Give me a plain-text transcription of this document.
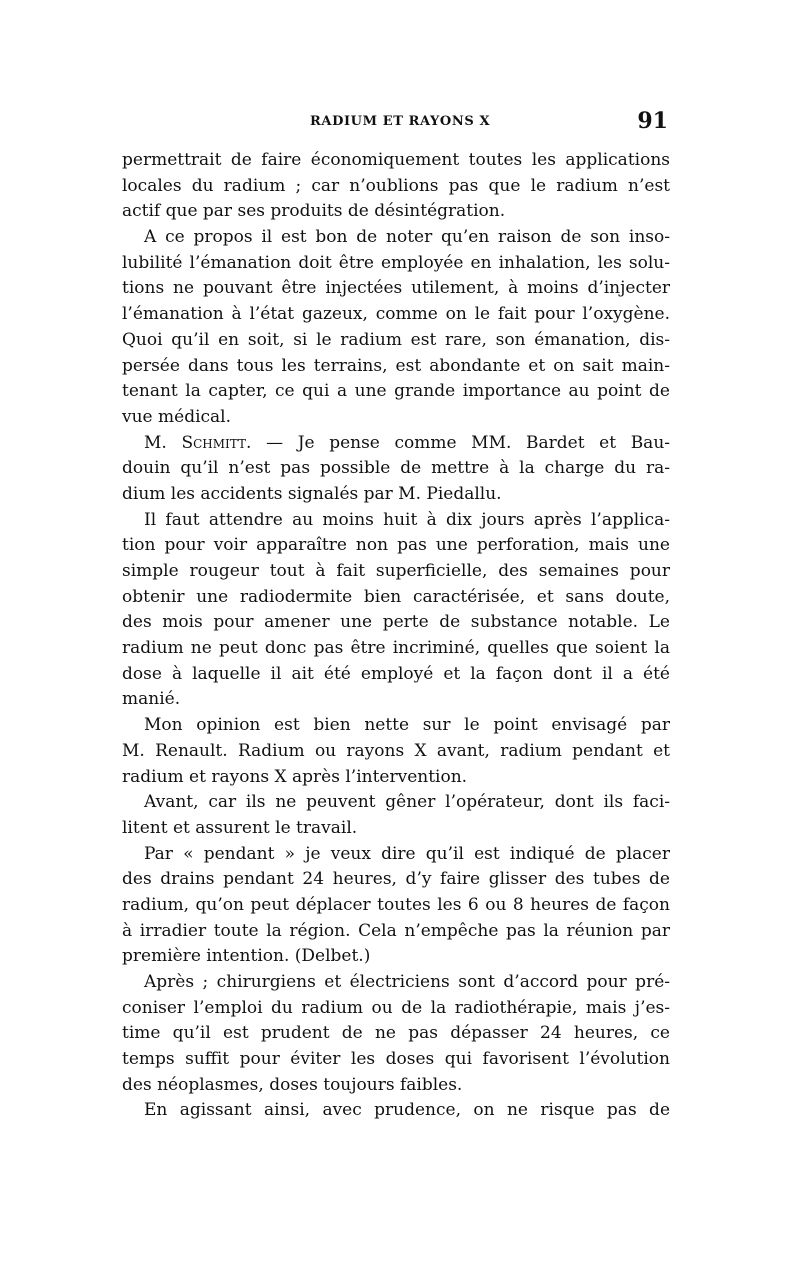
RADIUM ET RAYONS X	91
permettrait de faire économiquement toutes les applications
locales du radium ; car n’oublions pas que le radium n’est
actif que par ses produits de désintégration.
A ce propos il est bon de noter qu’en raison de son inso-
lubilité l’émanation doit être employée en inhalation, les solu-
tions ne pouvant être injectées utilement, à moins d’injecter
l’émanation à l’état gazeux, comme on le fait pour l’oxygène.
Quoi qu’il en soit, si le radium est rare, son émanation, dis-
persée dans tous les terrains, est abondante et on sait main-
tenant la capter, ce qui a une grande importance au point de
vue médical.
M. Schmitt. — Je pense comme MM. Bardet et Bau-
douin qu’il n’est pas possible de mettre à la charge du ra-
dium les accidents signalés par M. Piedallu.
Il faut attendre au moins huit à dix jours après l’applica-
tion pour voir apparaître non pas une perforation, mais une
simple rougeur tout à fait superficielle, des semaines pour
obtenir une radiodermite bien caractérisée, et sans doute,
des mois pour amener une perte de substance notable. Le
radium ne peut donc pas être incriminé, quelles que soient la
dose à laquelle il ait été employé et la façon dont il a été
manié.
Mon opinion est bien nette sur le point envisagé par
M. Renault. Radium ou rayons X avant, radium pendant et
radium et rayons X après l’intervention.
Avant, car ils ne peuvent gêner l’opérateur, dont ils faci-
litent et assurent le travail.
Par « pendant » je veux dire qu’il est indiqué de placer
des drains pendant 24 heures, d’y faire glisser des tubes de
radium, qu’on peut déplacer toutes les 6 ou 8 heures de façon
à irradier toute la région. Cela n’empêche pas la réunion par
première intention. (Delbet.)
Après ; chirurgiens et électriciens sont d’accord pour pré-
coniser l’emploi du radium ou de la radiothérapie, mais j’es-
time qu’il est prudent de ne pas dépasser 24 heures, ce
temps suffit pour éviter les doses qui favorisent l’évolution
des néoplasmes, doses toujours faibles.
En agissant ainsi, avec prudence, on ne risque pas de
